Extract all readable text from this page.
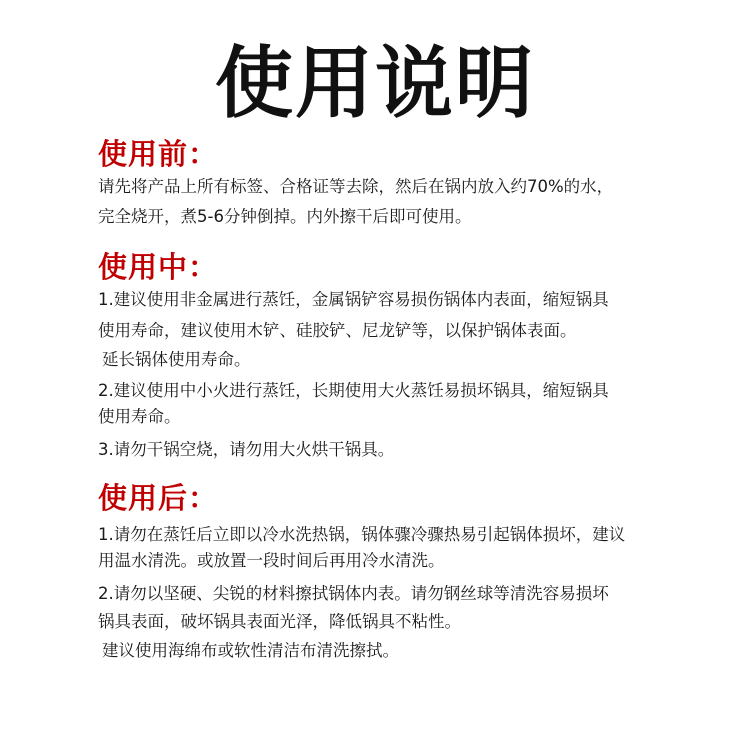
使用说明
使用前：
请先将产品上所有标签、合格证等去除，然后在锅内放入约70%的水，
完全烧开，煮5-6分钟倒掉。内外擦干后即可使用。
使用中：
1.建议使用非金属进行蒸饪，金属锅铲容易损伤锅体内表面，缩短锅具
使用寿命，建议使用木铲、硅胶铲、尼龙铲等，以保护锅体表面。
延长锅体使用寿命。
2.建议使用中小火进行蒸饪，长期使用大火蒸饪易损坏锅具，缩短锅具
使用寿命。
3.请勿干锅空烧，请勿用大火烘干锅具。
使用后：
1.请勿在蒸饪后立即以冷水洗热锅，锅体骤冷骤热易引起锅体损坏，建议
用温水清洗。或放置一段时间后再用冷水清洗。
2.请勿以坚硬、尖锐的材料擦拭锅体内表。请勿钢丝球等清洗容易损坏
锅具表面，破坏锅具表面光泽，降低锅具不粘性。
建议使用海绵布或软性清洁布清洗擦拭。
